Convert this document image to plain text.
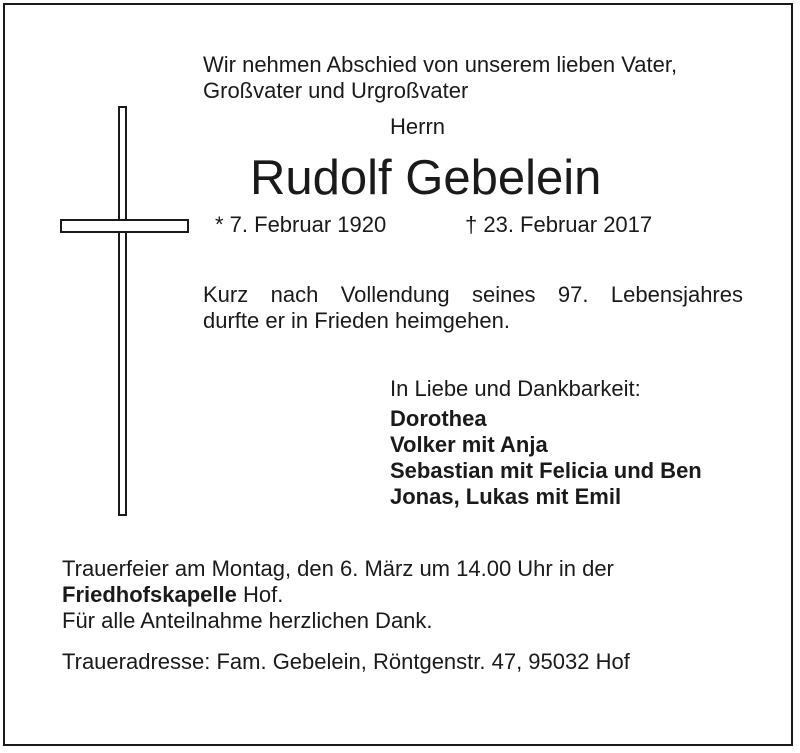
Wir nehmen Abschied von unserem lieben Vater,
Großvater und Urgroßvater
Herrn
Rudolf Gebelein
* 7. Februar 1920	† 23. Februar 2017
Kurz nach Vollendung seines 97. Lebensjahres
durfte er in Frieden heimgehen.
In Liebe und Dankbarkeit:
Dorothea
Volker mit Anja
Sebastian mit Felicia und Ben
Jonas, Lukas mit Emil
Trauerfeier am Montag, den 6. März um 14.00 Uhr in der
Friedhofskapelle Hof.
Für alle Anteilnahme herzlichen Dank.
Traueradresse: Fam. Gebelein, Röntgenstr. 47, 95032 Hof
